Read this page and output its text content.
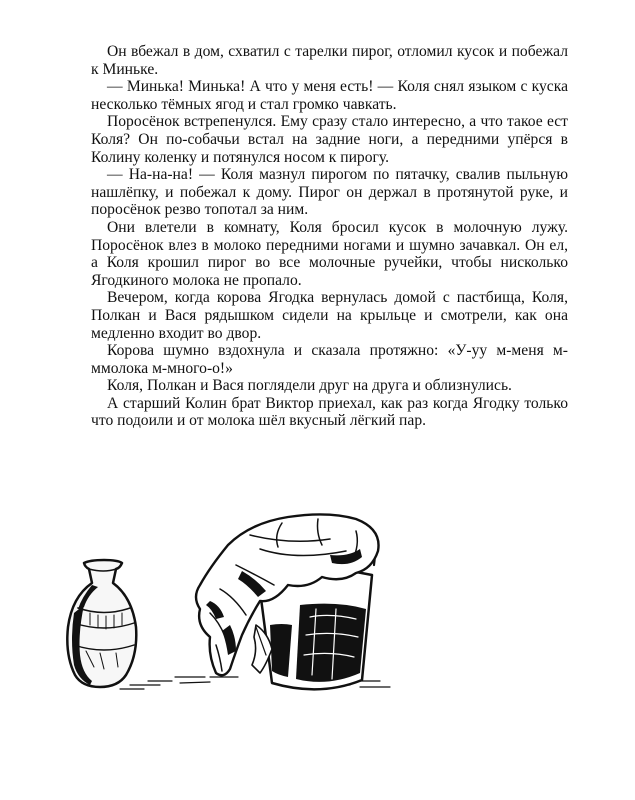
Он вбежал в дом, схватил с тарелки пирог, отломил кусок и побежал к Миньке.

— Минька! Минька! А что у меня есть! — Коля снял языком с куска несколько тёмных ягод и стал громко чавкать.

Поросёнок встрепенулся. Ему сразу стало интересно, а что такое ест Коля? Он по-собачьи встал на задние ноги, а передними упёрся в Колину коленку и потянулся носом к пирогу.

— На-на-на! — Коля мазнул пирогом по пятачку, свалив пыльную нашлёпку, и побежал к дому. Пирог он держал в протянутой руке, и поросёнок резво топотал за ним.

Они влетели в комнату, Коля бросил кусок в молочную лужу. Поросёнок влез в молоко передними ногами и шумно зачавкал. Он ел, а Коля крошил пирог во все молочные ручейки, чтобы нисколько Ягодкиного молока не пропало.

Вечером, когда корова Ягодка вернулась домой с пастбища, Коля, Полкан и Вася рядышком сидели на крыльце и смотрели, как она медленно входит во двор.

Корова шумно вздохнула и сказала протяжно: «У-уу м-меня м-ммолока м-много-о!»

Коля, Полкан и Вася поглядели друг на друга и облизнулись.

А старший Колин брат Виктор приехал, как раз когда Ягодку только что подоили и от молока шёл вкусный лёгкий пар.
